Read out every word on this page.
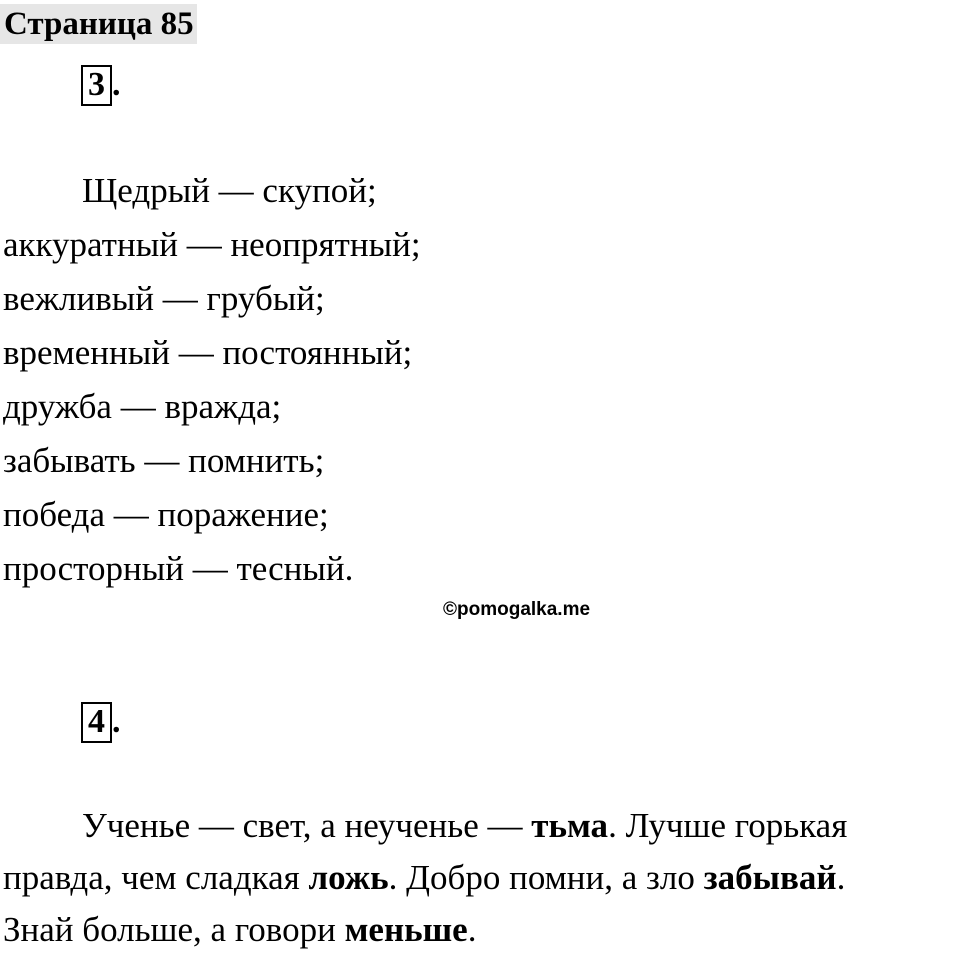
Страница 85
3 .
Щедрый — скупой;
аккуратный — неопрятный;
вежливый — грубый;
временный — постоянный;
дружба — вражда;
забывать — помнить;
победа — поражение;
просторный — тесный.
©pomogalka.me
4 .
Ученье — свет, а неученье — тьма. Лучше горькая
правда, чем сладкая ложь. Добро помни, а зло забывай.
Знай больше, а говори меньше.
